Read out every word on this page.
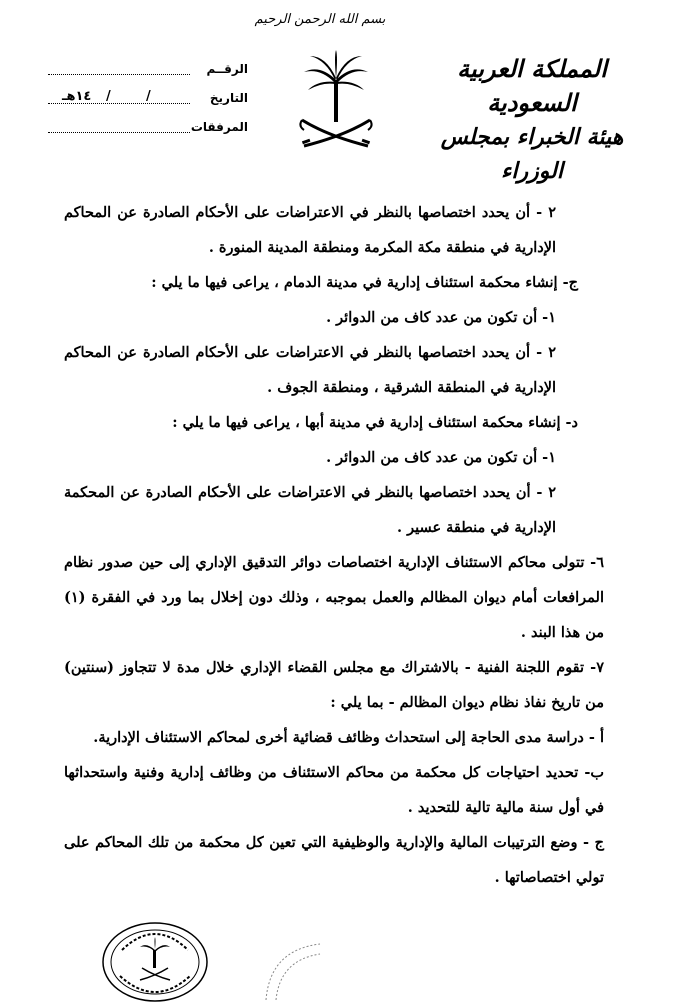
بسم الله الرحمن الرحيم
المملكة العربية السعودية
هيئة الخبراء بمجلس الوزراء
الرقــم
التاريخ
١٤هـ /	/
المرفقات
٢ - أن يحدد اختصاصها بالنظر في الاعتراضات على الأحكام الصادرة عن المحاكم الإدارية في منطقة مكة المكرمة ومنطقة المدينة المنورة .
ج- إنشاء محكمة استئناف إدارية في مدينة الدمام ، يراعى فيها ما يلي :
١- أن تكون من عدد كاف من الدوائر .
٢ - أن يحدد اختصاصها بالنظر في الاعتراضات على الأحكام الصادرة عن المحاكم الإدارية في المنطقة الشرقية ، ومنطقة الجوف .
د- إنشاء محكمة استئناف إدارية في مدينة أبها ، يراعى فيها ما يلي :
١- أن تكون من عدد كاف من الدوائر .
٢ - أن يحدد اختصاصها بالنظر في الاعتراضات على الأحكام الصادرة عن المحكمة الإدارية في منطقة عسير .
٦- تتولى محاكم الاستئناف الإدارية اختصاصات دوائر التدقيق الإداري إلى حين صدور نظام المرافعات أمام ديوان المظالم والعمل بموجبه ، وذلك دون إخلال بما ورد في الفقرة (١) من هذا البند .
٧- تقوم اللجنة الفنية - بالاشتراك مع مجلس القضاء الإداري خلال مدة لا تتجاوز (سنتين) من تاريخ نفاذ نظام ديوان المظالم - بما يلي :
أ - دراسة مدى الحاجة إلى استحداث وظائف قضائية أخرى لمحاكم الاستئناف الإدارية.
ب- تحديد احتياجات كل محكمة من محاكم الاستئناف من وظائف إدارية وفنية واستحداثها في أول سنة مالية تالية للتحديد .
ج - وضع الترتيبات المالية والإدارية والوظيفية التي تعين كل محكمة من تلك المحاكم على تولي اختصاصاتها .
